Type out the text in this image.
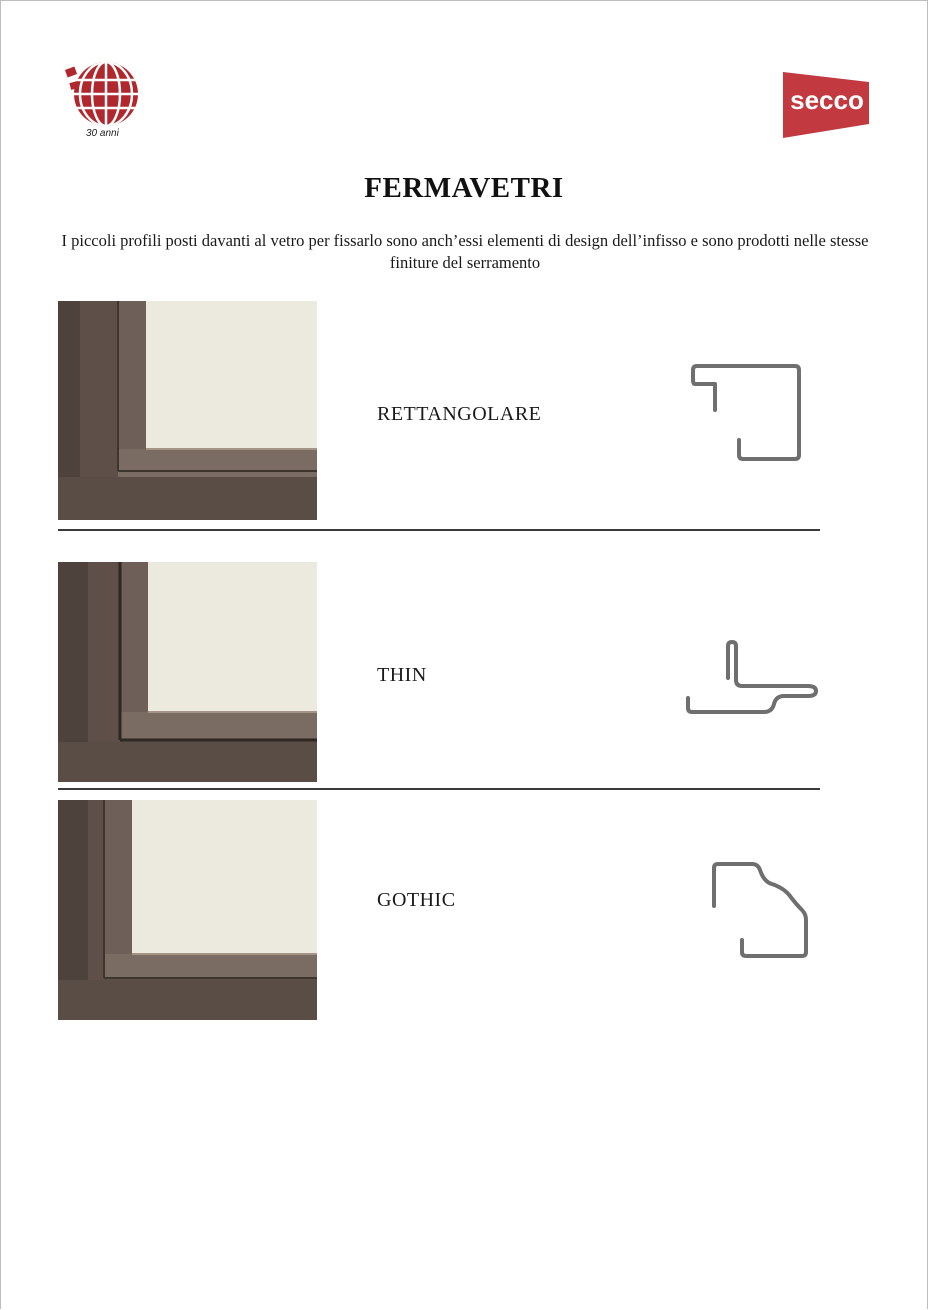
30 anni
secco
FERMAVETRI
I piccoli profili posti davanti al vetro per fissarlo sono anch’essi elementi di design dell’infisso e sono prodotti nelle stesse finiture del serramento
RETTANGOLARE
THIN
GOTHIC
